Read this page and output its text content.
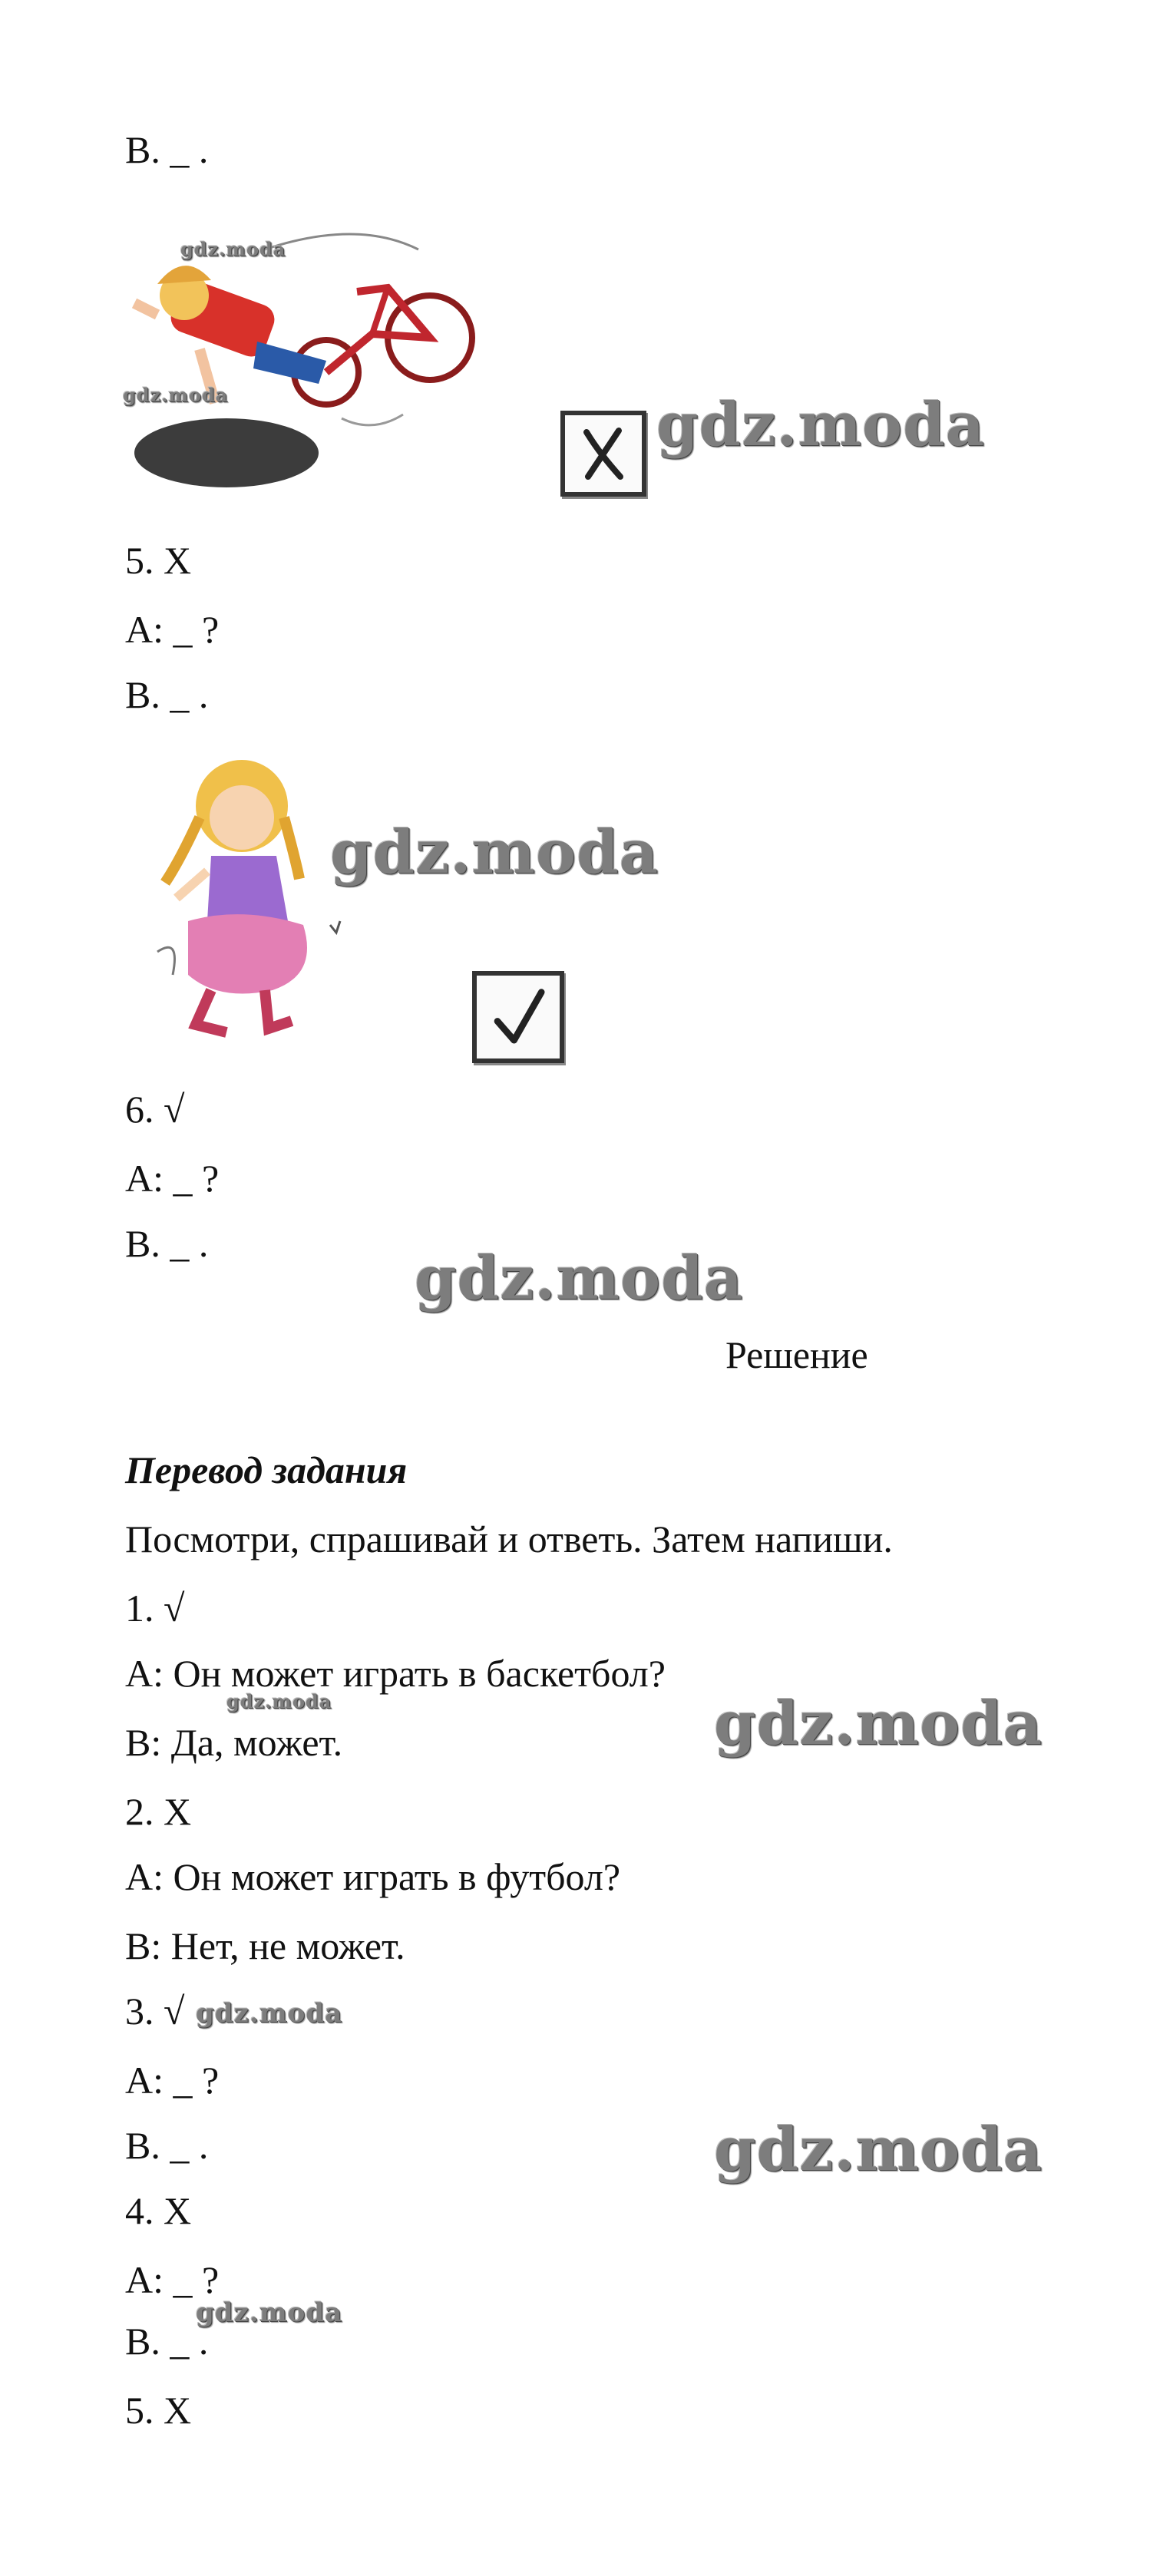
B. _ .
gdz.moda
gdz.moda	gdz.moda
5. X
A: _ ?
B. _ .
gdz.moda
6. √
A: _ ?
B. _ .	gdz.moda
Решение
Перевод задания
Посмотри, спрашивай и ответь. Затем напиши.
1. √
A: Он может играть в баскетбол?
gdz.moda
B: Да, может.	gdz.moda
2. X
A: Он может играть в футбол?
B: Нет, не может.
3. √ gdz.moda
A: _ ?
B. _ .	gdz.moda
4. X
A: _ ?
gdz.moda
B. _ .
5. X
